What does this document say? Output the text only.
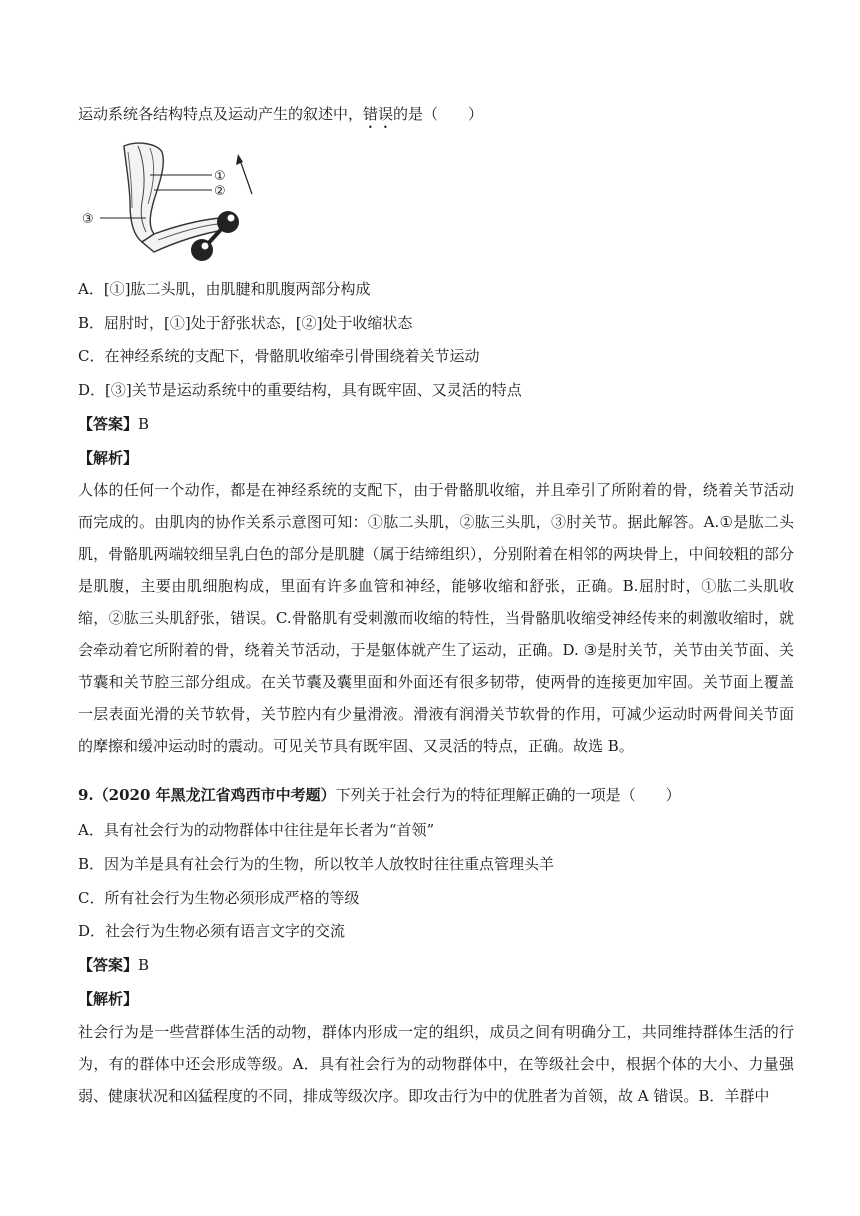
运动系统各结构特点及运动产生的叙述中，错误的是（　　）
①
②
③
A．[①]肱二头肌，由肌腱和肌腹两部分构成
B．屈肘时，[①]处于舒张状态，[②]处于收缩状态
C．在神经系统的支配下，骨骼肌收缩牵引骨围绕着关节运动
D．[③]关节是运动系统中的重要结构，具有既牢固、又灵活的特点
【答案】B
【解析】
人体的任何一个动作，都是在神经系统的支配下，由于骨骼肌收缩，并且牵引了所附着的骨，绕着关节活动而完成的。由肌肉的协作关系示意图可知：①肱二头肌，②肱三头肌，③肘关节。据此解答。A.①是肱二头肌，骨骼肌两端较细呈乳白色的部分是肌腱（属于结缔组织），分别附着在相邻的两块骨上，中间较粗的部分是肌腹，主要由肌细胞构成，里面有许多血管和神经，能够收缩和舒张，正确。B.屈肘时，①肱二头肌收缩，②肱三头肌舒张，错误。C.骨骼肌有受刺激而收缩的特性，当骨骼肌收缩受神经传来的刺激收缩时，就会牵动着它所附着的骨，绕着关节活动，于是躯体就产生了运动，正确。D. ③是肘关节，关节由关节面、关节囊和关节腔三部分组成。在关节囊及囊里面和外面还有很多韧带，使两骨的连接更加牢固。关节面上覆盖一层表面光滑的关节软骨，关节腔内有少量滑液。滑液有润滑关节软骨的作用，可减少运动时两骨间关节面的摩擦和缓冲运动时的震动。可见关节具有既牢固、又灵活的特点，正确。故选 B。
9.（2020 年黑龙江省鸡西市中考题）下列关于社会行为的特征理解正确的一项是（　　）
A．具有社会行为的动物群体中往往是年长者为“首领”
B．因为羊是具有社会行为的生物，所以牧羊人放牧时往往重点管理头羊
C．所有社会行为生物必须形成严格的等级
D．社会行为生物必须有语言文字的交流
【答案】B
【解析】
社会行为是一些营群体生活的动物，群体内形成一定的组织，成员之间有明确分工，共同维持群体生活的行为，有的群体中还会形成等级。A．具有社会行为的动物群体中，在等级社会中，根据个体的大小、力量强弱、健康状况和凶猛程度的不同，排成等级次序。即攻击行为中的优胜者为首领，故 A 错误。B．羊群中
